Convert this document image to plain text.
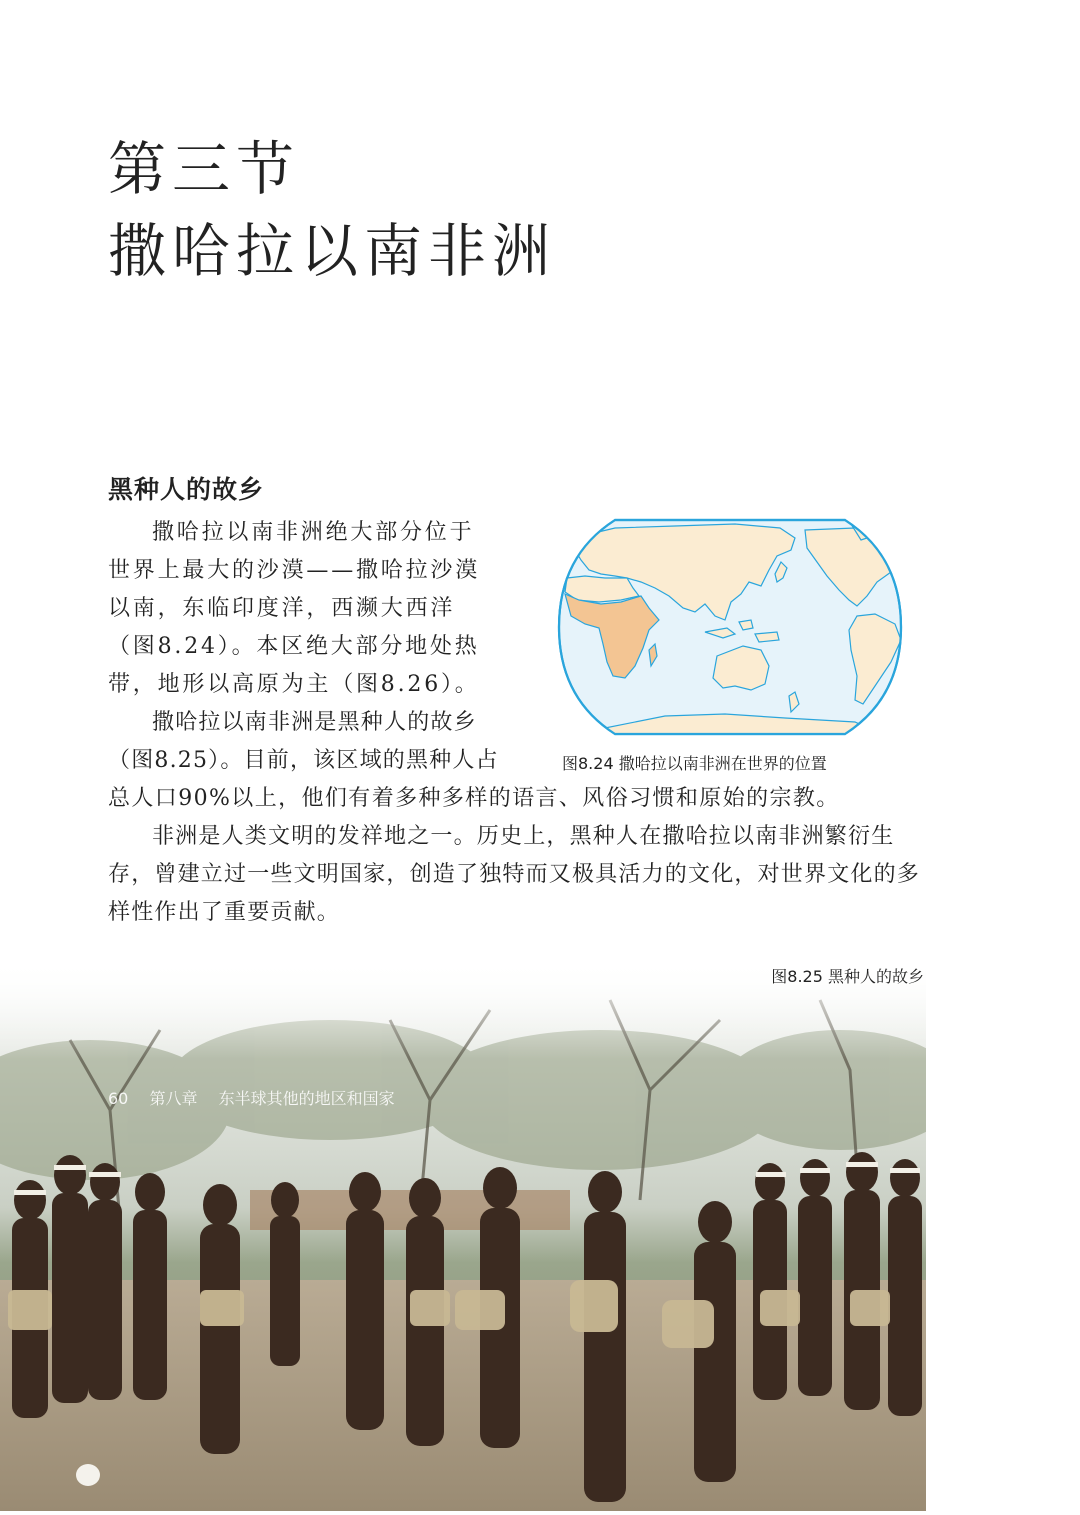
第三节
撒哈拉以南非洲
黑种人的故乡

撒哈拉以南非洲绝大部分位于世界上最大的沙漠——撒哈拉沙漠以南，东临印度洋，西濒大西洋（图8.24）。本区绝大部分地处热带，地形以高原为主（图8.26）。

撒哈拉以南非洲是黑种人的故乡（图8.25）。目前，该区域的黑种人占	图8.24 撒哈拉以南非洲在世界的位置

总人口90%以上，他们有着多种多样的语言、风俗习惯和原始的宗教。

非洲是人类文明的发祥地之一。历史上，黑种人在撒哈拉以南非洲繁衍生存，曾建立过一些文明国家，创造了独特而又极具活力的文化，对世界文化的多样性作出了重要贡献。

图8.25 黑种人的故乡
60 第八章 东半球其他的地区和国家
